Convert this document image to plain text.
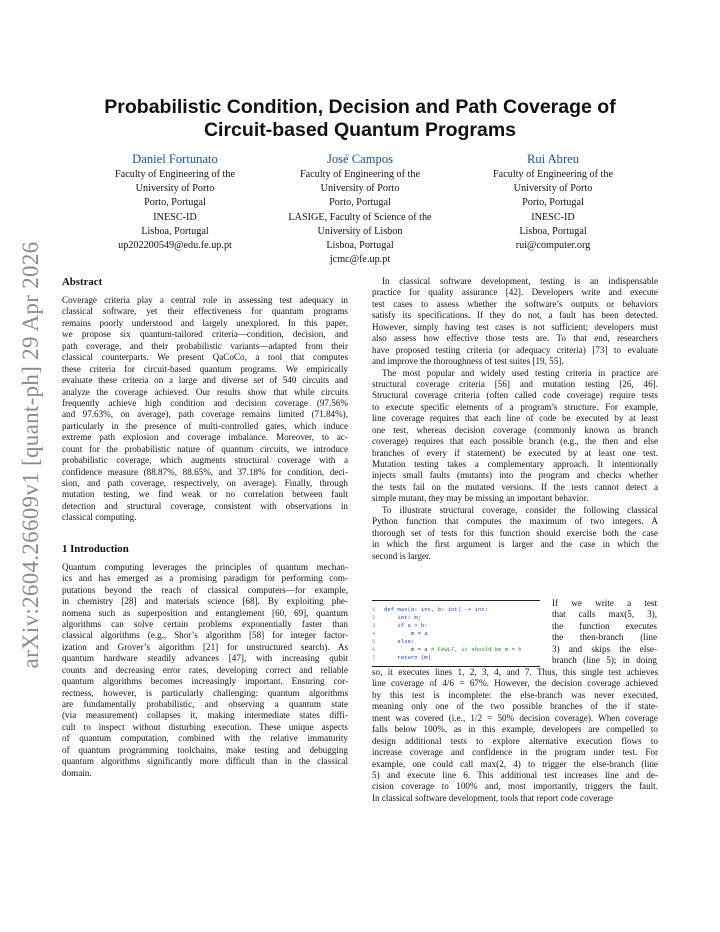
arXiv:2604.26609v1 [quant-ph] 29 Apr 2026
Probabilistic Condition, Decision and Path Coverage of
Circuit-based Quantum Programs
Daniel Fortunato
Faculty of Engineering of the
University of Porto
Porto, Portugal
INESC-ID
Lisboa, Portugal
up202200549@edu.fe.up.pt
José Campos
Faculty of Engineering of the
University of Porto
Porto, Portugal
LASIGE, Faculty of Science of the
University of Lisbon
Lisboa, Portugal
jcmc@fe.up.pt
Rui Abreu
Faculty of Engineering of the
University of Porto
Porto, Portugal
INESC-ID
Lisboa, Portugal
rui@computer.org
Abstract
Coverage criteria play a central role in assessing test adequacy in
classical software, yet their effectiveness for quantum programs
remains poorly understood and largely unexplored. In this paper,
we propose six quantum-tailored criteria—condition, decision, and
path coverage, and their probabilistic variants—adapted from their
classical counterparts. We present QaCoCo, a tool that computes
these criteria for circuit-based quantum programs. We empirically
evaluate these criteria on a large and diverse set of 540 circuits and
analyze the coverage achieved. Our results show that while circuits
frequently achieve high condition and decision coverage (97.56%
and 97.63%, on average), path coverage remains limited (71.84%),
particularly in the presence of multi-controlled gates, which induce
extreme path explosion and coverage imbalance. Moreover, to ac-
count for the probabilistic nature of quantum circuits, we introduce
probabilistic coverage, which augments structural coverage with a
confidence measure (88.87%, 88.65%, and 37.18% for condition, deci-
sion, and path coverage, respectively, on average). Finally, through
mutation testing, we find weak or no correlation between fault
detection and structural coverage, consistent with observations in
classical computing.
1 Introduction
Quantum computing leverages the principles of quantum mechan-
ics and has emerged as a promising paradigm for performing com-
putations beyond the reach of classical computers—for example,
in chemistry [28] and materials science [68]. By exploiting phe-
nomena such as superposition and entanglement [60, 69], quantum
algorithms can solve certain problems exponentially faster than
classical algorithms (e.g., Shor’s algorithm [58] for integer factor-
ization and Grover’s algorithm [21] for unstructured search). As
quantum hardware steadily advances [47], with increasing qubit
counts and decreasing error rates, developing correct and reliable
quantum algorithms becomes increasingly important. Ensuring cor-
rectness, however, is particularly challenging: quantum algorithms
are fundamentally probabilistic, and observing a quantum state
(via measurement) collapses it, making intermediate states diffi-
cult to inspect without disturbing execution. These unique aspects
of quantum computation, combined with the relative immaturity
of quantum programming toolchains, make testing and debugging
quantum algorithms significantly more difficult than in the classical
domain.
In classical software development, testing is an indispensable
practice for quality assurance [42]. Developers write and execute
test cases to assess whether the software’s outputs or behaviors
satisfy its specifications. If they do not, a fault has been detected.
However, simply having test cases is not sufficient; developers must
also assess how effective those tests are. To that end, researchers
have proposed testing criteria (or adequacy criteria) [73] to evaluate
and improve the thoroughness of test suites [19, 55].
The most popular and widely used testing criteria in practice are
structural coverage criteria [56] and mutation testing [26, 46].
Structural coverage criteria (often called code coverage) require tests
to execute specific elements of a program’s structure. For example,
line coverage requires that each line of code be executed by at least
one test, whereas decision coverage (commonly known as branch
coverage) requires that each possible branch (e.g., the then and else
branches of every if statement) be executed by at least one test.
Mutation testing takes a complementary approach. It intentionally
injects small faults (mutants) into the program and checks whether
the tests fail on the mutated versions. If the tests cannot detect a
simple mutant, they may be missing an important behavior.
To illustrate structural coverage, consider the following classical
Python function that computes the maximum of two integers. A
thorough set of tests for this function should exercise both the case
in which the first argument is larger and the case in which the
second is larger.
1 def max(a: int, b: int) -> int:
2    int: m;
3    if a > b:
4        m = a
5    else:
6        m = a # FAULT, it should be m = b
7    return (m)
If we write a test
that calls max(5, 3),
the function executes
the then-branch (line
3) and skips the else-
branch (line 5); in doing
so, it executes lines 1, 2, 3, 4, and 7. Thus, this single test achieves
line coverage of 4/6 = 67%. However, the decision coverage achieved
by this test is incomplete: the else-branch was never executed,
meaning only one of the two possible branches of the if state-
ment was covered (i.e., 1/2 = 50% decision coverage). When coverage
falls below 100%, as in this example, developers are compelled to
design additional tests to explore alternative execution flows to
increase coverage and confidence in the program under test. For
example, one could call max(2, 4) to trigger the else-branch (line
5) and execute line 6. This additional test increases line and de-
cision coverage to 100% and, most importantly, triggers the fault.
In classical software development, tools that report code coverage
